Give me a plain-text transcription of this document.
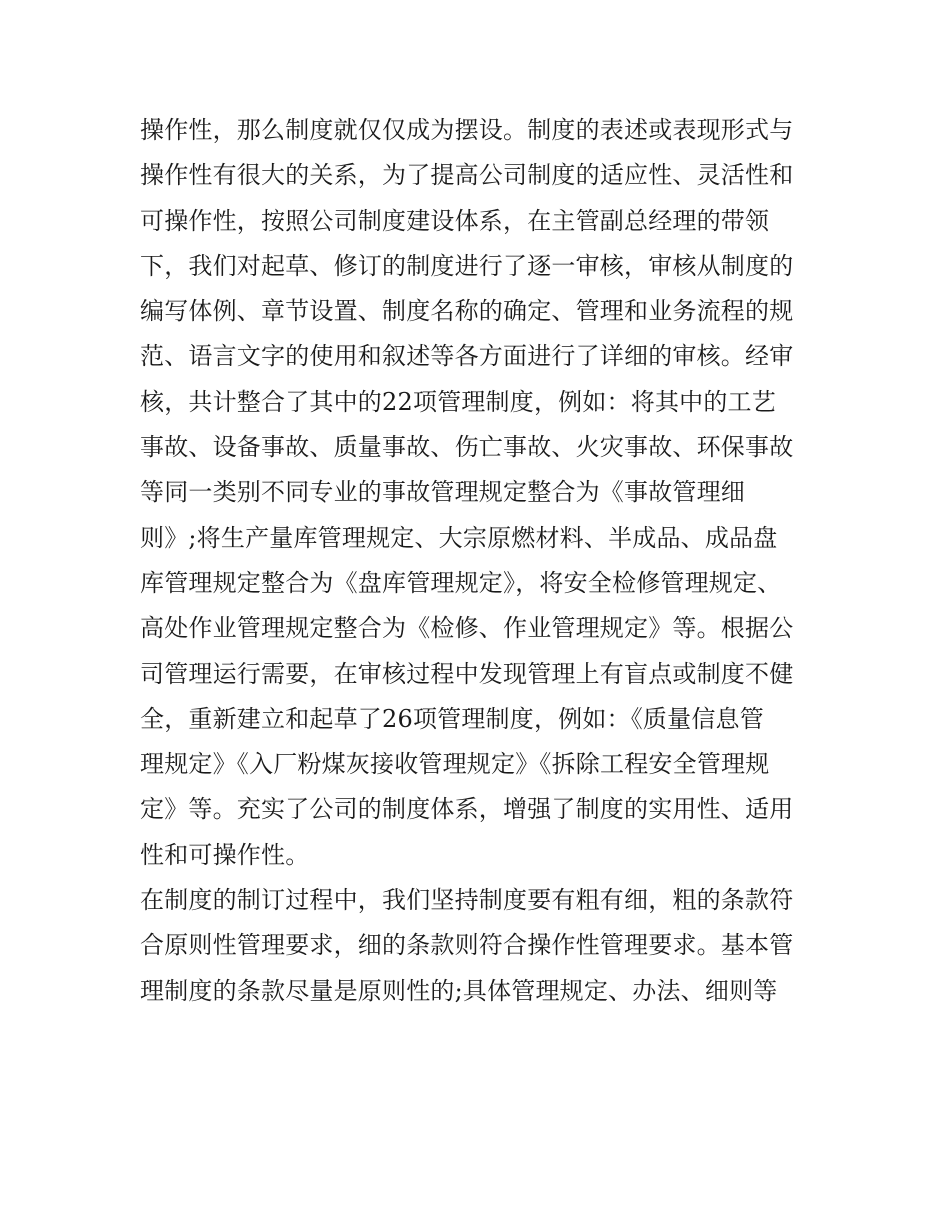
操作性，那么制度就仅仅成为摆设。制度的表述或表现形式与
操作性有很大的关系，为了提高公司制度的适应性、灵活性和
可操作性，按照公司制度建设体系，在主管副总经理的带领
下，我们对起草、修订的制度进行了逐一审核，审核从制度的
编写体例、章节设置、制度名称的确定、管理和业务流程的规
范、语言文字的使用和叙述等各方面进行了详细的审核。经审
核，共计整合了其中的22项管理制度，例如：将其中的工艺
事故、设备事故、质量事故、伤亡事故、火灾事故、环保事故
等同一类别不同专业的事故管理规定整合为《事故管理细
则》;将生产量库管理规定、大宗原燃材料、半成品、成品盘
库管理规定整合为《盘库管理规定》，将安全检修管理规定、
高处作业管理规定整合为《检修、作业管理规定》等。根据公
司管理运行需要，在审核过程中发现管理上有盲点或制度不健
全，重新建立和起草了26项管理制度，例如：《质量信息管
理规定》《入厂粉煤灰接收管理规定》《拆除工程安全管理规
定》等。充实了公司的制度体系，增强了制度的实用性、适用
性和可操作性。
在制度的制订过程中，我们坚持制度要有粗有细，粗的条款符
合原则性管理要求，细的条款则符合操作性管理要求。基本管
理制度的条款尽量是原则性的;具体管理规定、办法、细则等
